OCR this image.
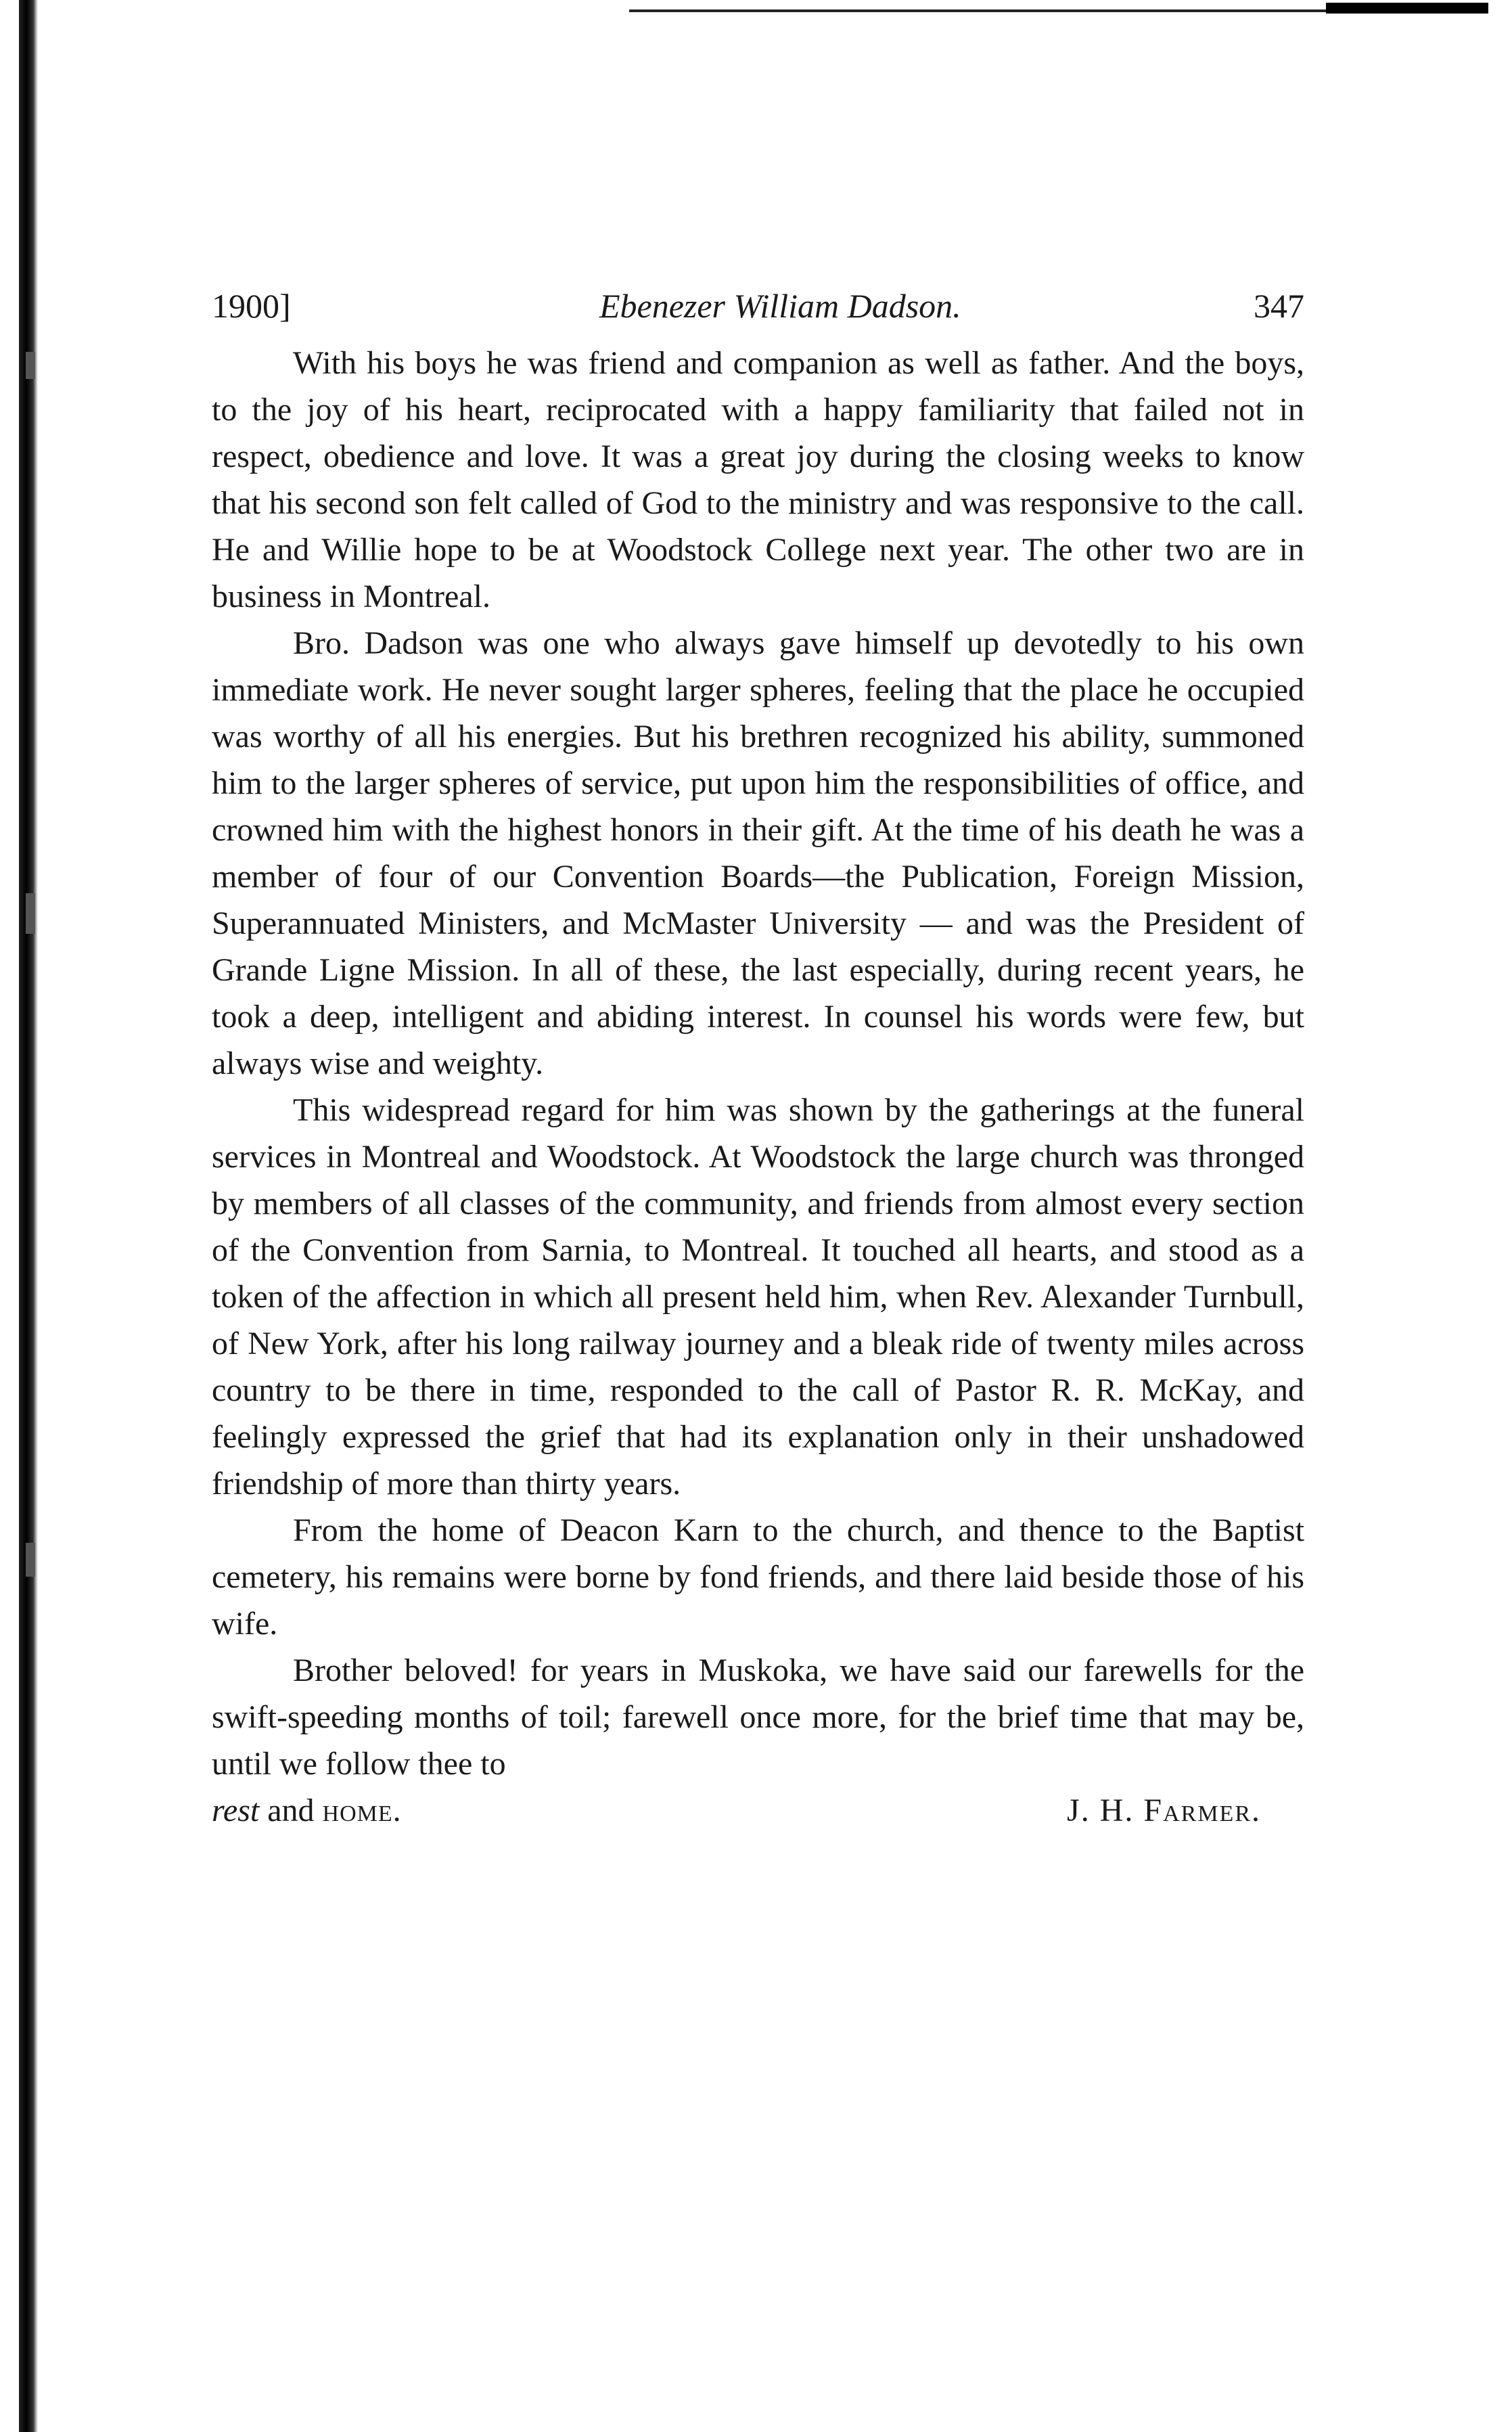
1900]	Ebenezer William Dadson.	347

With his boys he was friend and companion as well as father. And the boys, to the joy of his heart, reciprocated with a happy familiarity that failed not in respect, obedience and love. It was a great joy during the closing weeks to know that his second son felt called of God to the ministry and was responsive to the call. He and Willie hope to be at Woodstock College next year. The other two are in business in Montreal.

Bro. Dadson was one who always gave himself up devotedly to his own immediate work. He never sought larger spheres, feeling that the place he occupied was worthy of all his energies. But his brethren recognized his ability, summoned him to the larger spheres of service, put upon him the responsibilities of office, and crowned him with the highest honors in their gift. At the time of his death he was a member of four of our Convention Boards—the Publication, Foreign Mission, Superannuated Ministers, and McMaster University — and was the President of Grande Ligne Mission. In all of these, the last especially, during recent years, he took a deep, intelligent and abiding interest. In counsel his words were few, but always wise and weighty.

This widespread regard for him was shown by the gatherings at the funeral services in Montreal and Woodstock. At Woodstock the large church was thronged by members of all classes of the community, and friends from almost every section of the Convention from Sarnia, to Montreal. It touched all hearts, and stood as a token of the affection in which all present held him, when Rev. Alexander Turnbull, of New York, after his long railway journey and a bleak ride of twenty miles across country to be there in time, responded to the call of Pastor R. R. McKay, and feelingly expressed the grief that had its explanation only in their unshadowed friendship of more than thirty years.

From the home of Deacon Karn to the church, and thence to the Baptist cemetery, his remains were borne by fond friends, and there laid beside those of his wife.

Brother beloved! for years in Muskoka, we have said our farewells for the swift-speeding months of toil; farewell once more, for the brief time that may be, until we follow thee to

rest and home.	J. H. Farmer.
